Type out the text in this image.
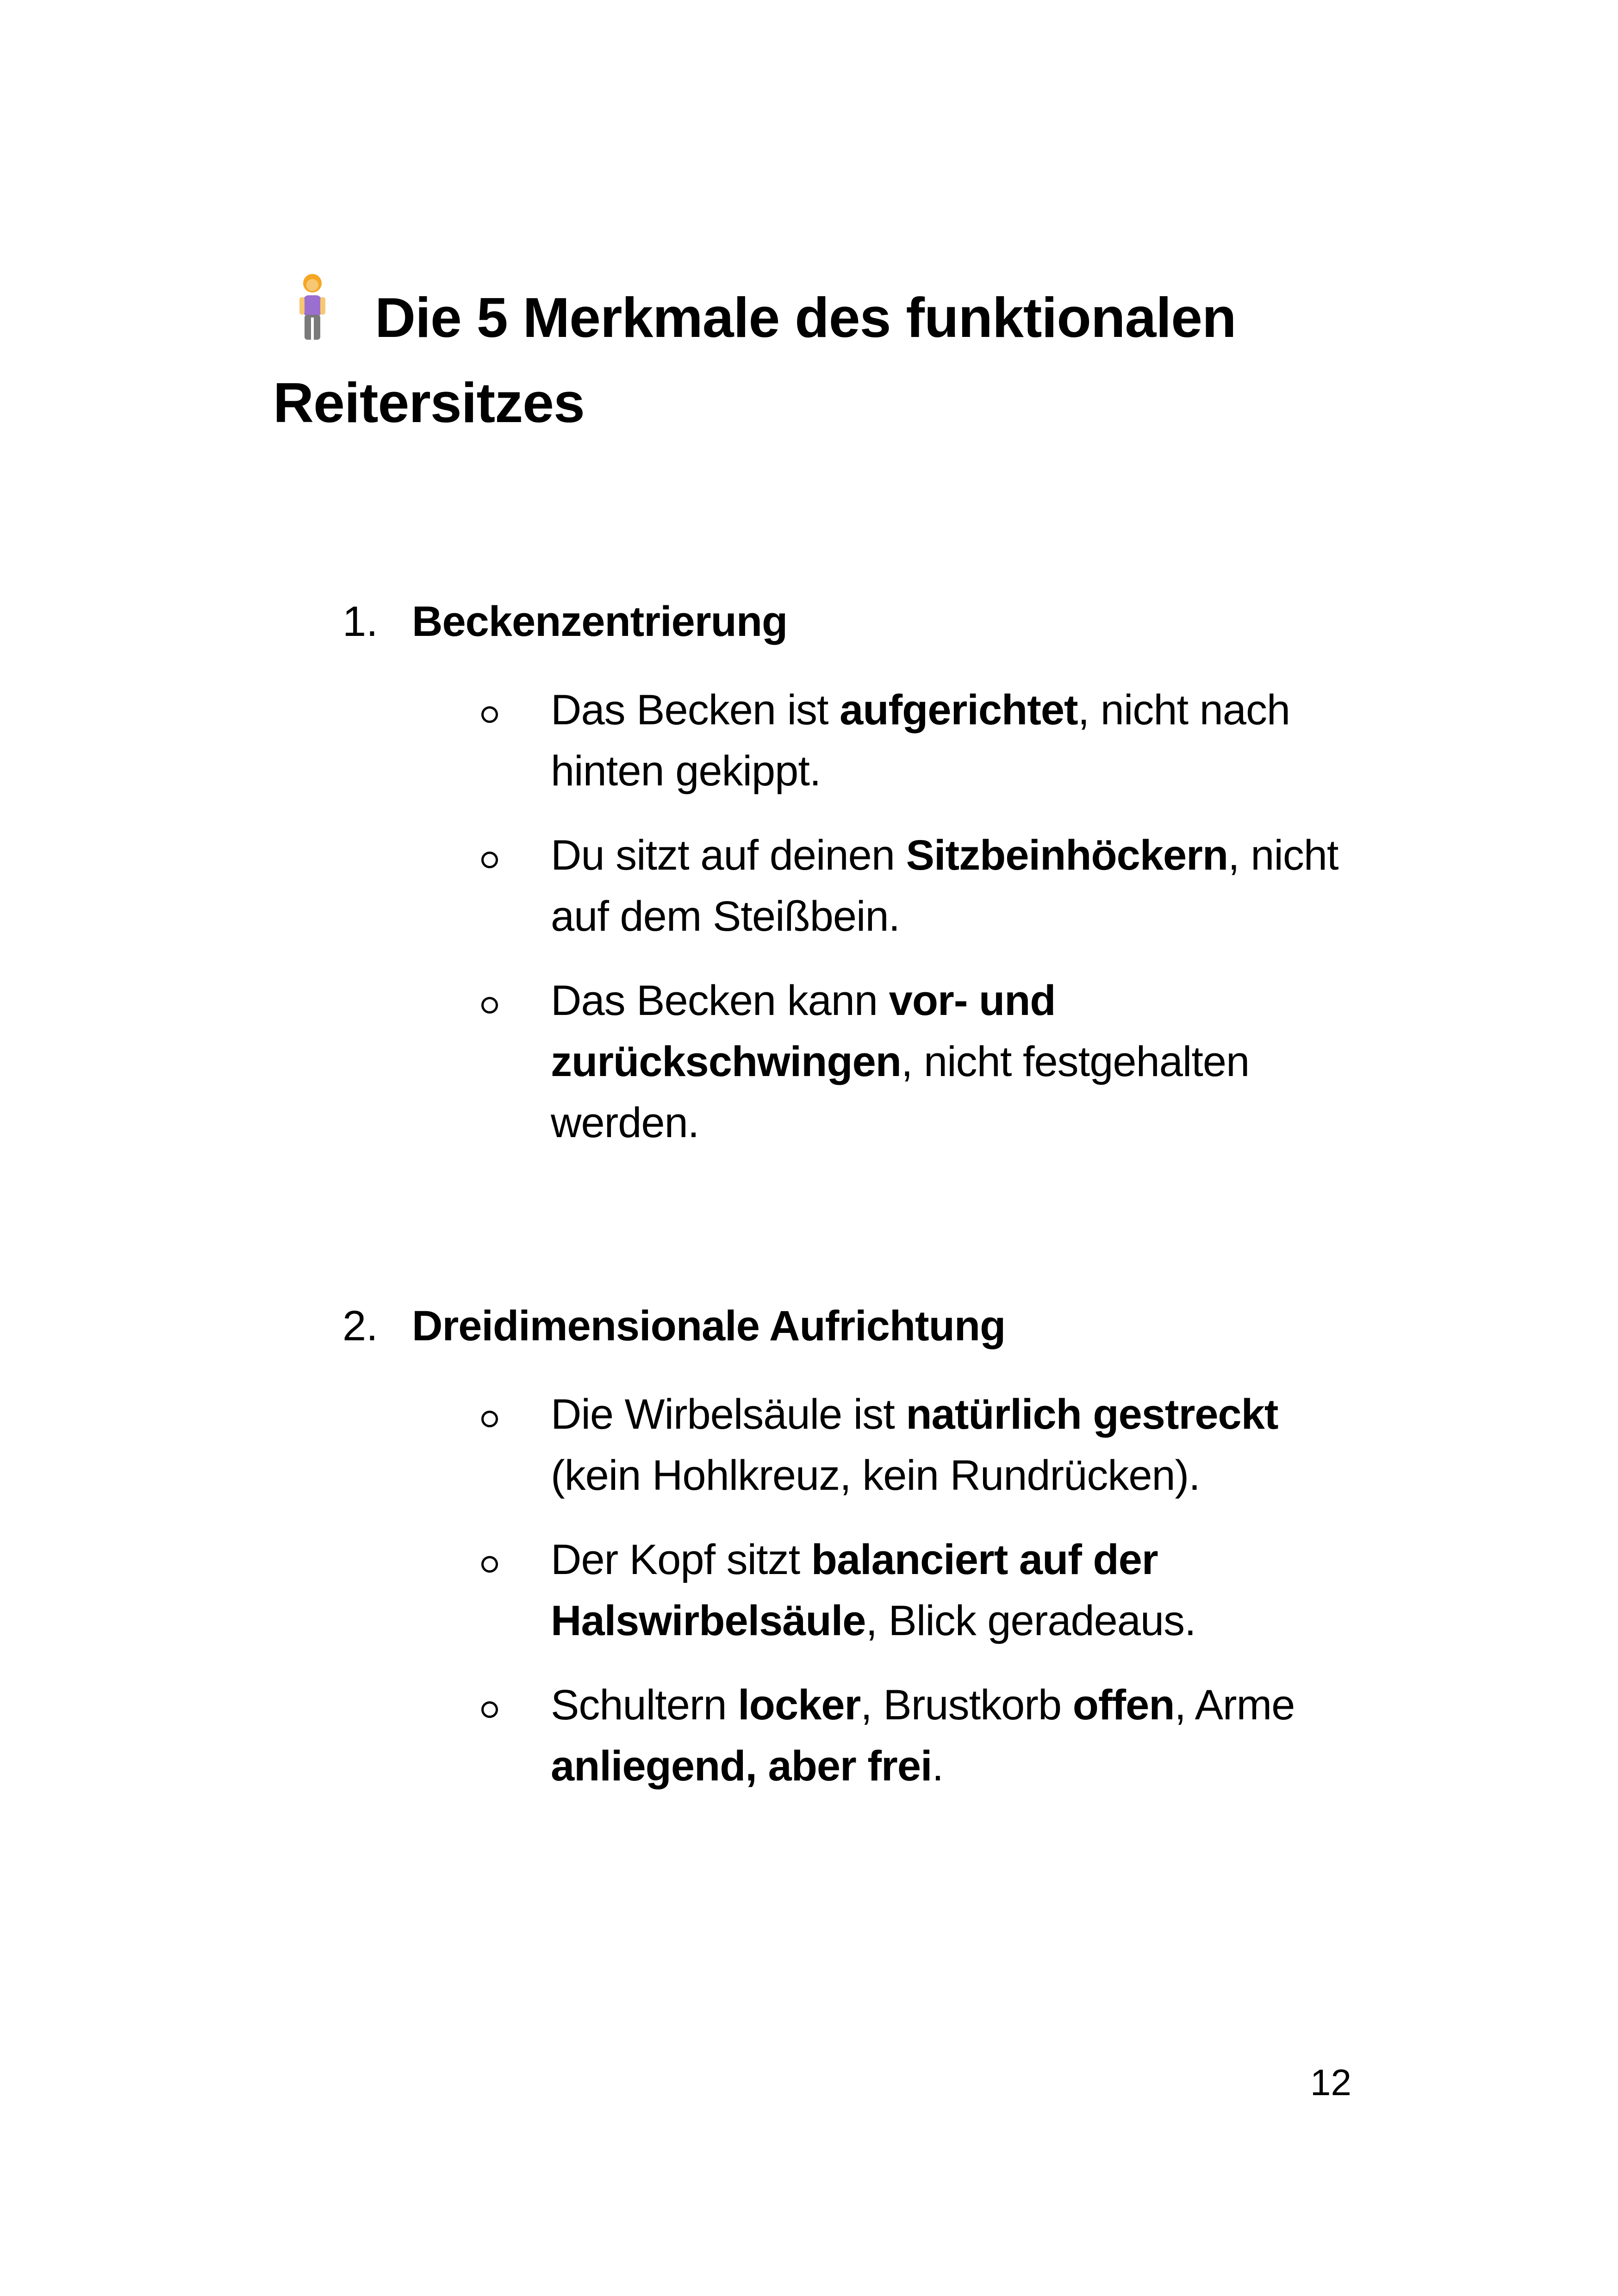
Die 5 Merkmale des funktionalen
Reitersitzes
1. Beckenzentrierung
Das Becken ist aufgerichtet, nicht nach hinten gekippt.
Du sitzt auf deinen Sitzbeinhöckern, nicht auf dem Steißbein.
Das Becken kann vor- und zurückschwingen, nicht festgehalten werden.
2. Dreidimensionale Aufrichtung
Die Wirbelsäule ist natürlich gestreckt (kein Hohlkreuz, kein Rundrücken).
Der Kopf sitzt balanciert auf der Halswirbelsäule, Blick geradeaus.
Schultern locker, Brustkorb offen, Arme anliegend, aber frei.
12
